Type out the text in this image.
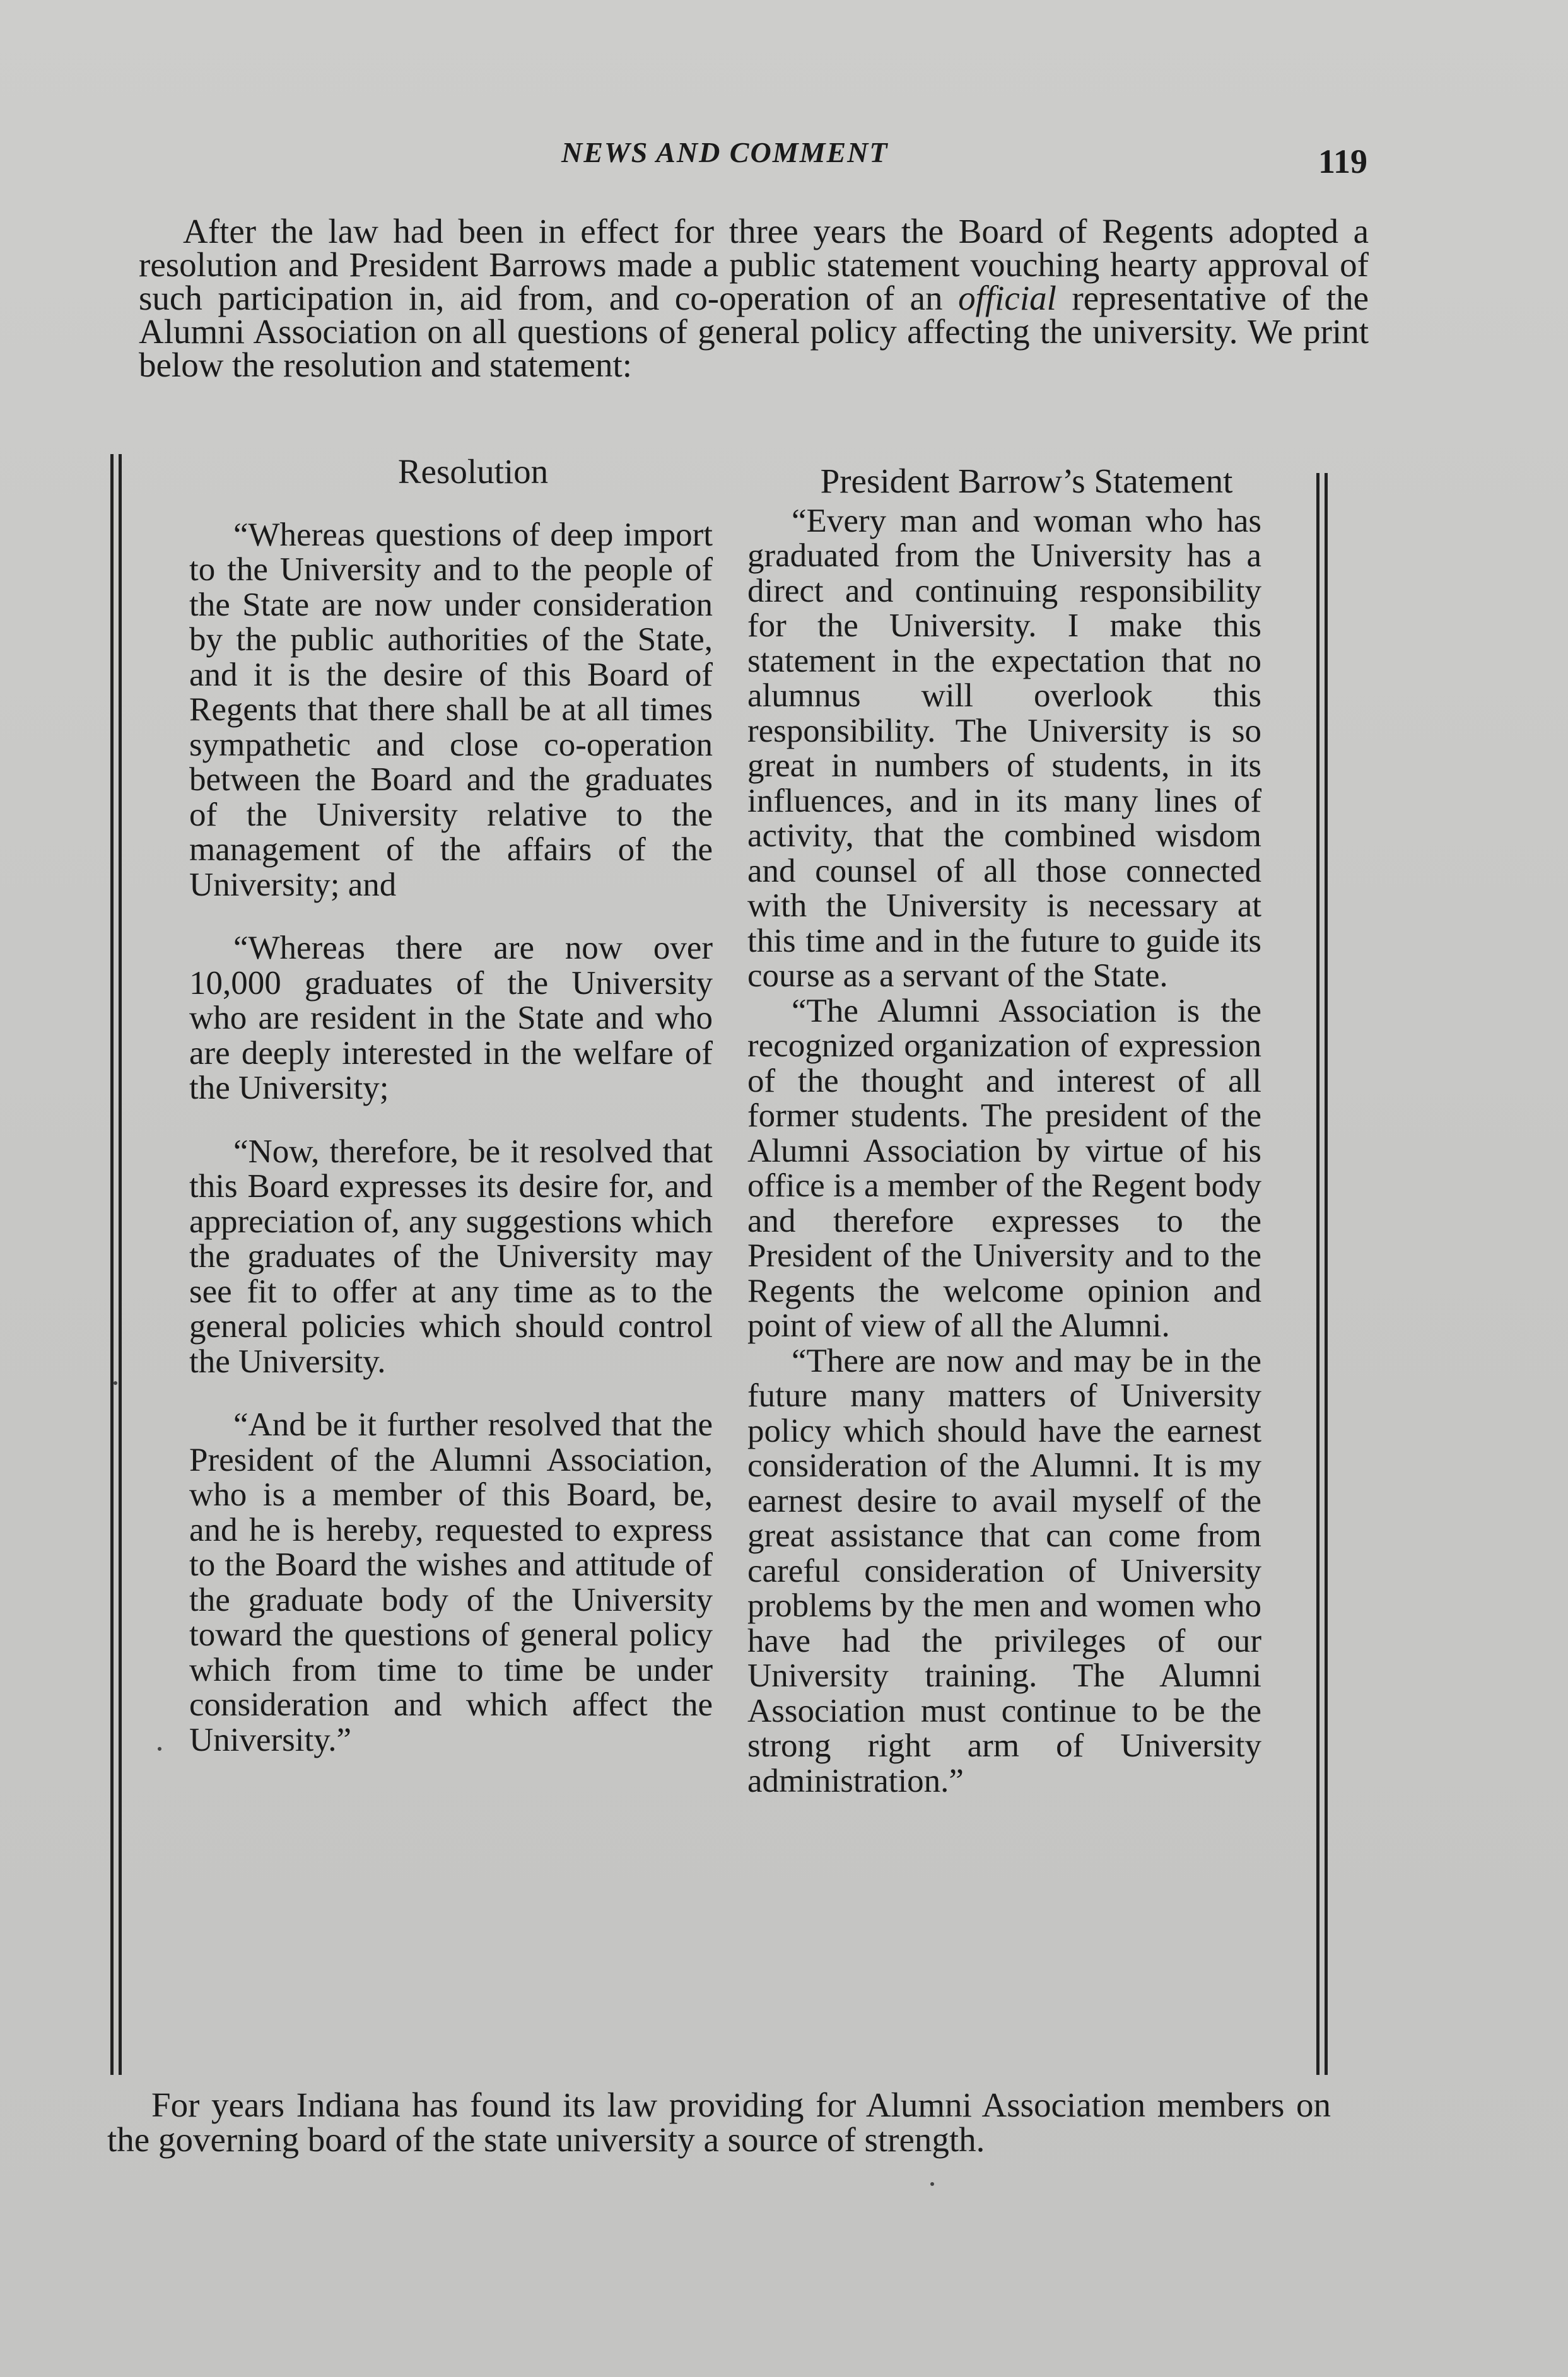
NEWS AND COMMENT	119

After the law had been in effect for three years the Board of Regents adopted a resolution and President Barrows made a public statement vouching hearty approval of such participation in, aid from, and co-operation of an official representative of the Alumni Association on all questions of general policy affecting the university. We print below the resolution and statement:

Resolution

“Whereas questions of deep import to the University and to the people of the State are now under consideration by the public authorities of the State, and it is the desire of this Board of Regents that there shall be at all times sympathetic and close co-operation between the Board and the graduates of the University relative to the management of the affairs of the University; and

“Whereas there are now over 10,000 graduates of the University who are resident in the State and who are deeply interested in the welfare of the University;

“Now, therefore, be it resolved that this Board expresses its desire for, and appreciation of, any suggestions which the graduates of the University may see fit to offer at any time as to the general policies which should control the University.

“And be it further resolved that the President of the Alumni Association, who is a member of this Board, be, and he is hereby, requested to express to the Board the wishes and attitude of the graduate body of the University toward the questions of general policy which from time to time be under consideration and which affect the University.”

President Barrow’s Statement

“Every man and woman who has graduated from the University has a direct and continuing responsibility for the University. I make this statement in the expectation that no alumnus will overlook this responsibility. The University is so great in numbers of students, in its influences, and in its many lines of activity, that the combined wisdom and counsel of all those connected with the University is necessary at this time and in the future to guide its course as a servant of the State.

“The Alumni Association is the recognized organization of expression of the thought and interest of all former students. The president of the Alumni Association by virtue of his office is a member of the Regent body and therefore expresses to the President of the University and to the Regents the welcome opinion and point of view of all the Alumni.

“There are now and may be in the future many matters of University policy which should have the earnest consideration of the Alumni. It is my earnest desire to avail myself of the great assistance that can come from careful consideration of University problems by the men and women who have had the privileges of our University training. The Alumni Association must continue to be the strong right arm of University administration.”

For years Indiana has found its law providing for Alumni Association members on the governing board of the state university a source of strength.
